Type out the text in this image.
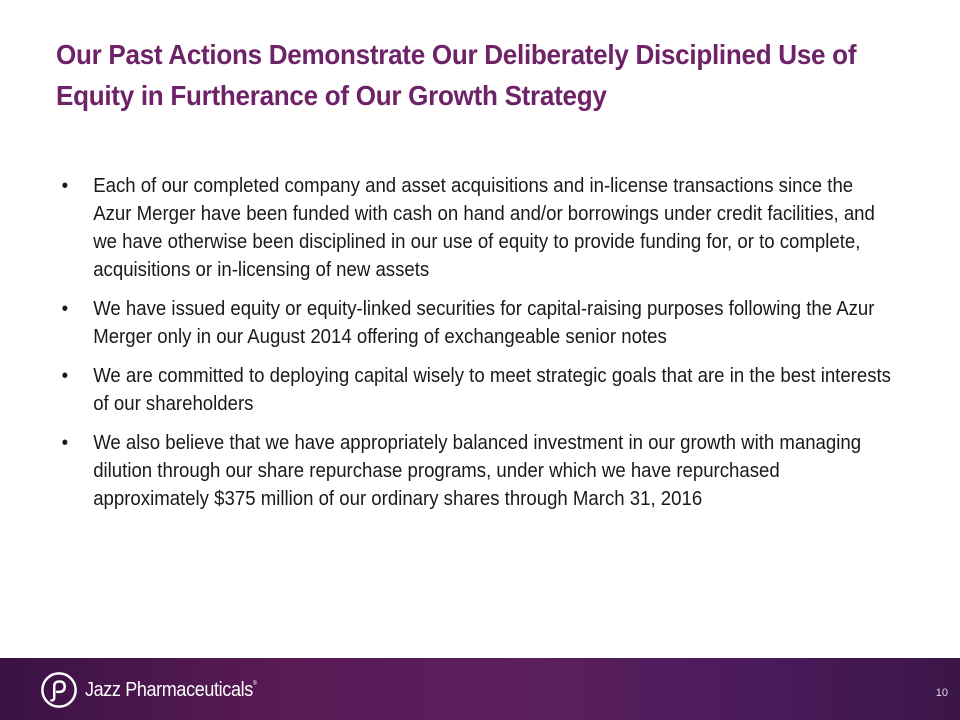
Our Past Actions Demonstrate Our Deliberately Disciplined Use of Equity in Furtherance of Our Growth Strategy
• Each of our completed company and asset acquisitions and in-license transactions since the Azur Merger have been funded with cash on hand and/or borrowings under credit facilities, and we have otherwise been disciplined in our use of equity to provide funding for, or to complete, acquisitions or in-licensing of new assets
• We have issued equity or equity-linked securities for capital-raising purposes following the Azur Merger only in our August 2014 offering of exchangeable senior notes
• We are committed to deploying capital wisely to meet strategic goals that are in the best interests of our shareholders
• We also believe that we have appropriately balanced investment in our growth with managing dilution through our share repurchase programs, under which we have repurchased approximately $375 million of our ordinary shares through March 31, 2016
Jazz Pharmaceuticals®
10
